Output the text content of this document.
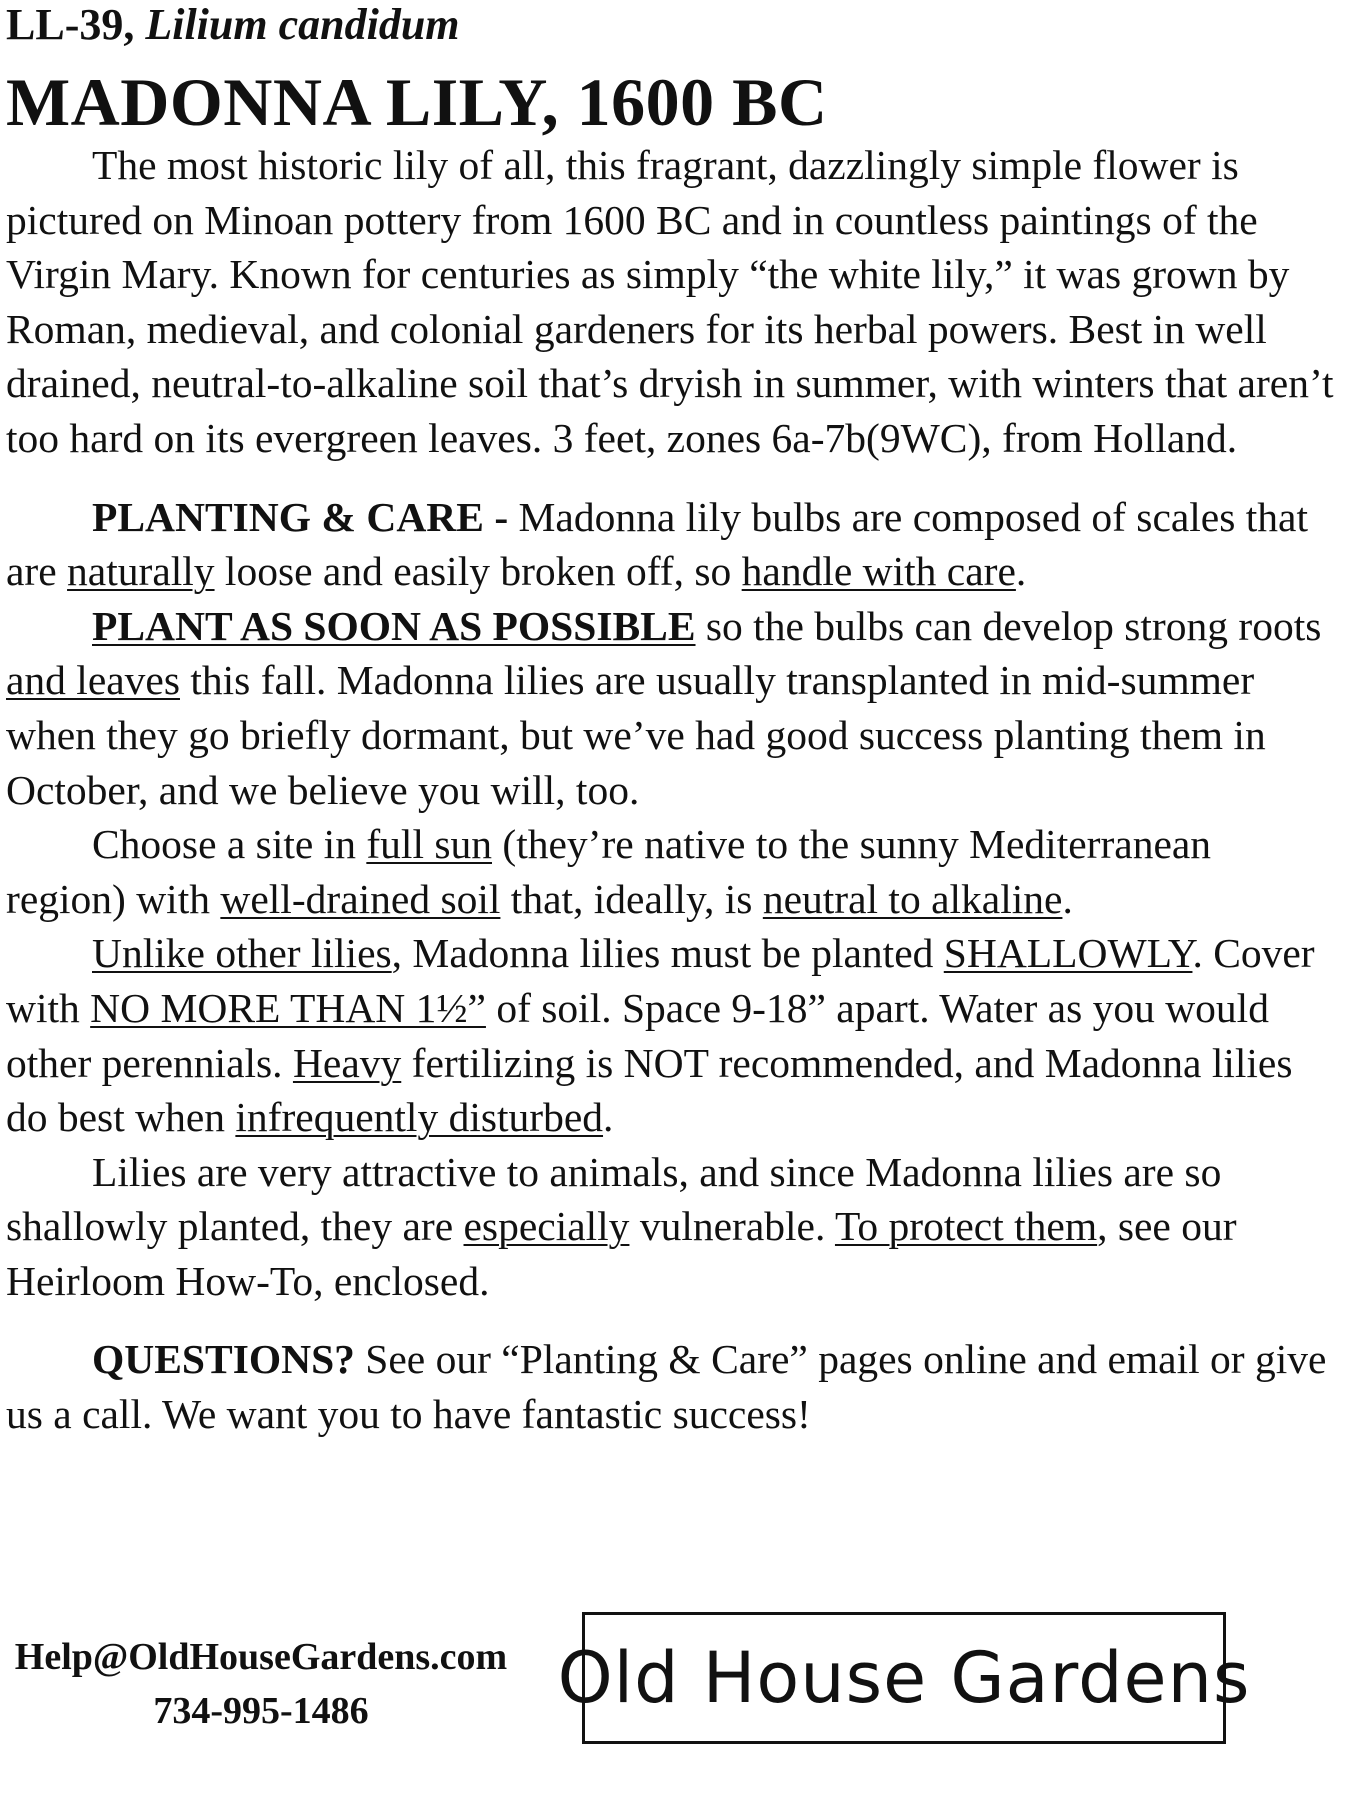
LL-39, Lilium candidum
MADONNA LILY, 1600 BC

The most historic lily of all, this fragrant, dazzlingly simple flower is pictured on Minoan pottery from 1600 BC and in countless paintings of the Virgin Mary. Known for centuries as simply “the white lily,” it was grown by Roman, medieval, and colonial gardeners for its herbal powers. Best in well drained, neutral-to-alkaline soil that’s dryish in summer, with winters that aren’t too hard on its evergreen leaves. 3 feet, zones 6a-7b(9WC), from Holland.

PLANTING & CARE - Madonna lily bulbs are composed of scales that are naturally loose and easily broken off, so handle with care.

PLANT AS SOON AS POSSIBLE so the bulbs can develop strong roots and leaves this fall. Madonna lilies are usually transplanted in mid-summer when they go briefly dormant, but we’ve had good success planting them in October, and we believe you will, too.

Choose a site in full sun (they’re native to the sunny Mediterranean region) with well-drained soil that, ideally, is neutral to alkaline.

Unlike other lilies, Madonna lilies must be planted SHALLOWLY. Cover with NO MORE THAN 1½” of soil. Space 9-18” apart. Water as you would other perennials. Heavy fertilizing is NOT recommended, and Madonna lilies do best when infrequently disturbed.

Lilies are very attractive to animals, and since Madonna lilies are so shallowly planted, they are especially vulnerable. To protect them, see our Heirloom How-To, enclosed.

QUESTIONS? See our “Planting & Care” pages online and email or give us a call. We want you to have fantastic success!

Help@OldHouseGardens.com
734-995-1486	Old House Gardens
